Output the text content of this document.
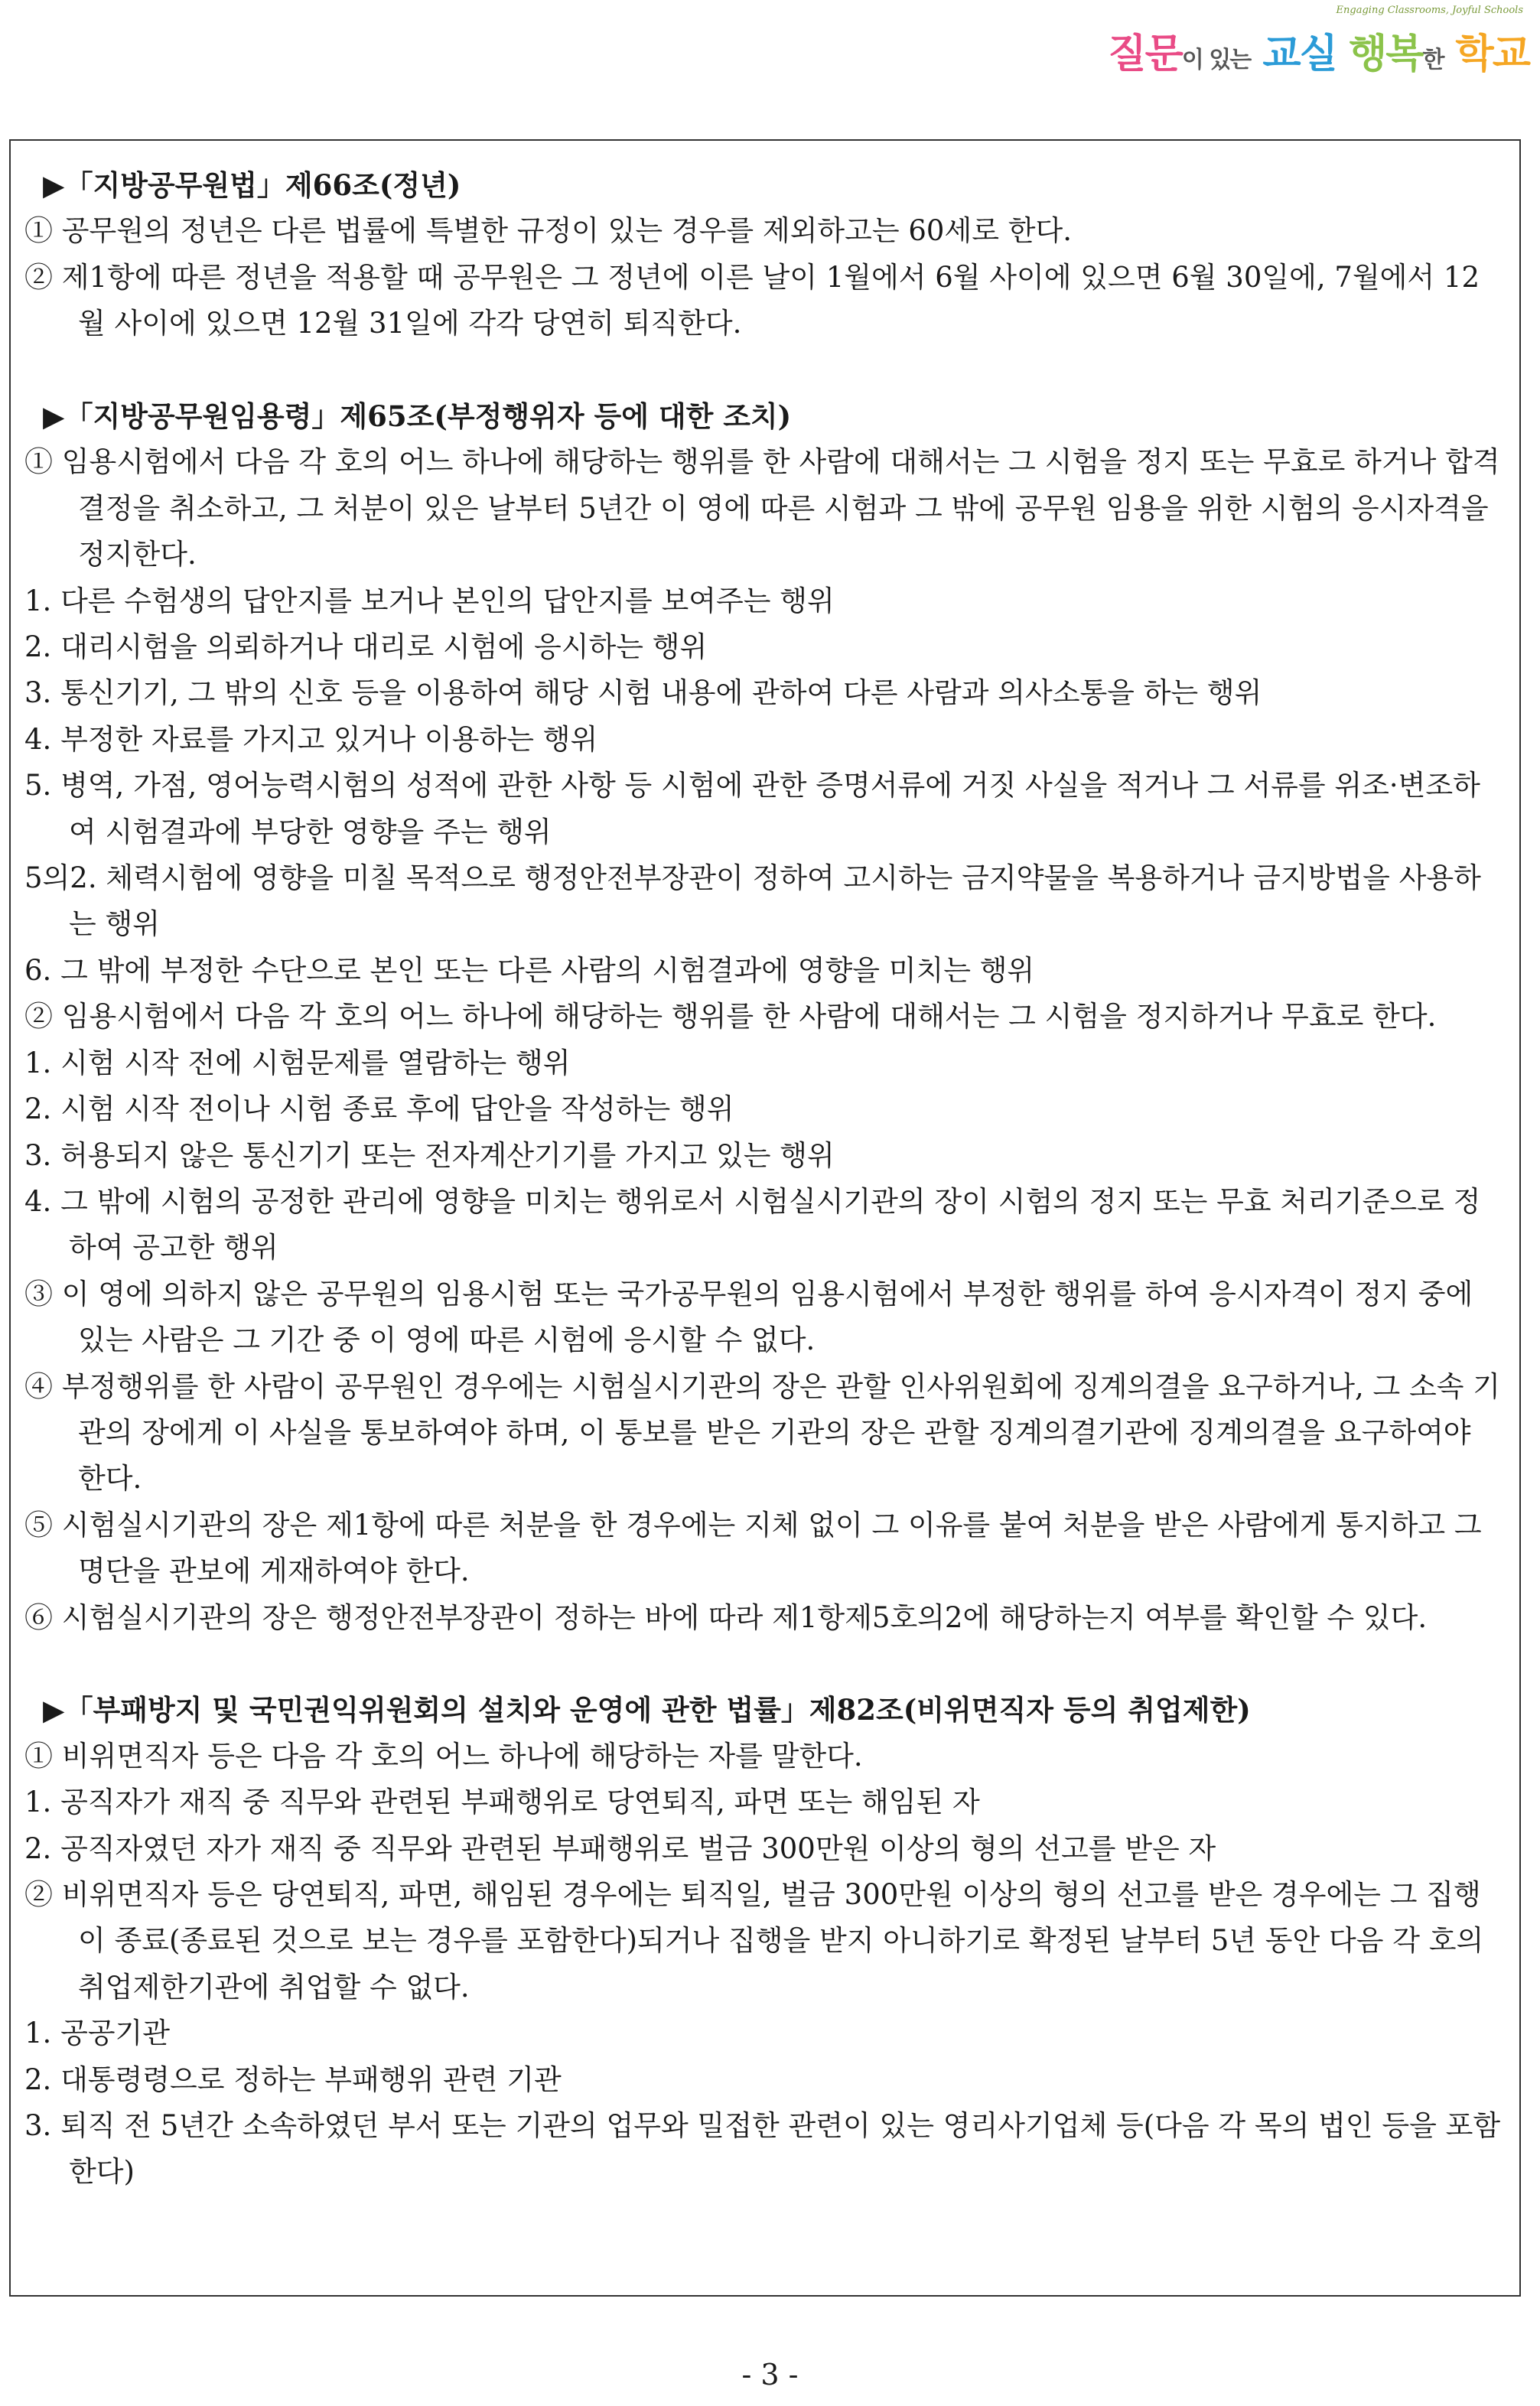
Engaging Classrooms, Joyful Schools
질문이 있는 교실 행복한 학교
▶「지방공무원법」제66조(정년)
① 공무원의 정년은 다른 법률에 특별한 규정이 있는 경우를 제외하고는 60세로 한다.
② 제1항에 따른 정년을 적용할 때 공무원은 그 정년에 이른 날이 1월에서 6월 사이에 있으면 6월 30일에, 7월에서 12월 사이에 있으면 12월 31일에 각각 당연히 퇴직한다.
▶「지방공무원임용령」제65조(부정행위자 등에 대한 조치)
① 임용시험에서 다음 각 호의 어느 하나에 해당하는 행위를 한 사람에 대해서는 그 시험을 정지 또는 무효로 하거나 합격 결정을 취소하고, 그 처분이 있은 날부터 5년간 이 영에 따른 시험과 그 밖에 공무원 임용을 위한 시험의 응시자격을 정지한다.
1. 다른 수험생의 답안지를 보거나 본인의 답안지를 보여주는 행위
2. 대리시험을 의뢰하거나 대리로 시험에 응시하는 행위
3. 통신기기, 그 밖의 신호 등을 이용하여 해당 시험 내용에 관하여 다른 사람과 의사소통을 하는 행위
4. 부정한 자료를 가지고 있거나 이용하는 행위
5. 병역, 가점, 영어능력시험의 성적에 관한 사항 등 시험에 관한 증명서류에 거짓 사실을 적거나 그 서류를 위조·변조하여 시험결과에 부당한 영향을 주는 행위
5의2. 체력시험에 영향을 미칠 목적으로 행정안전부장관이 정하여 고시하는 금지약물을 복용하거나 금지방법을 사용하는 행위
6. 그 밖에 부정한 수단으로 본인 또는 다른 사람의 시험결과에 영향을 미치는 행위
② 임용시험에서 다음 각 호의 어느 하나에 해당하는 행위를 한 사람에 대해서는 그 시험을 정지하거나 무효로 한다.
1. 시험 시작 전에 시험문제를 열람하는 행위
2. 시험 시작 전이나 시험 종료 후에 답안을 작성하는 행위
3. 허용되지 않은 통신기기 또는 전자계산기기를 가지고 있는 행위
4. 그 밖에 시험의 공정한 관리에 영향을 미치는 행위로서 시험실시기관의 장이 시험의 정지 또는 무효 처리기준으로 정하여 공고한 행위
③ 이 영에 의하지 않은 공무원의 임용시험 또는 국가공무원의 임용시험에서 부정한 행위를 하여 응시자격이 정지 중에 있는 사람은 그 기간 중 이 영에 따른 시험에 응시할 수 없다.
④ 부정행위를 한 사람이 공무원인 경우에는 시험실시기관의 장은 관할 인사위원회에 징계의결을 요구하거나, 그 소속 기관의 장에게 이 사실을 통보하여야 하며, 이 통보를 받은 기관의 장은 관할 징계의결기관에 징계의결을 요구하여야 한다.
⑤ 시험실시기관의 장은 제1항에 따른 처분을 한 경우에는 지체 없이 그 이유를 붙여 처분을 받은 사람에게 통지하고 그 명단을 관보에 게재하여야 한다.
⑥ 시험실시기관의 장은 행정안전부장관이 정하는 바에 따라 제1항제5호의2에 해당하는지 여부를 확인할 수 있다.
▶「부패방지 및 국민권익위원회의 설치와 운영에 관한 법률」제82조(비위면직자 등의 취업제한)
① 비위면직자 등은 다음 각 호의 어느 하나에 해당하는 자를 말한다.
1. 공직자가 재직 중 직무와 관련된 부패행위로 당연퇴직, 파면 또는 해임된 자
2. 공직자였던 자가 재직 중 직무와 관련된 부패행위로 벌금 300만원 이상의 형의 선고를 받은 자
② 비위면직자 등은 당연퇴직, 파면, 해임된 경우에는 퇴직일, 벌금 300만원 이상의 형의 선고를 받은 경우에는 그 집행이 종료(종료된 것으로 보는 경우를 포함한다)되거나 집행을 받지 아니하기로 확정된 날부터 5년 동안 다음 각 호의 취업제한기관에 취업할 수 없다.
1. 공공기관
2. 대통령령으로 정하는 부패행위 관련 기관
3. 퇴직 전 5년간 소속하였던 부서 또는 기관의 업무와 밀접한 관련이 있는 영리사기업체 등(다음 각 목의 법인 등을 포함한다)
- 3 -
